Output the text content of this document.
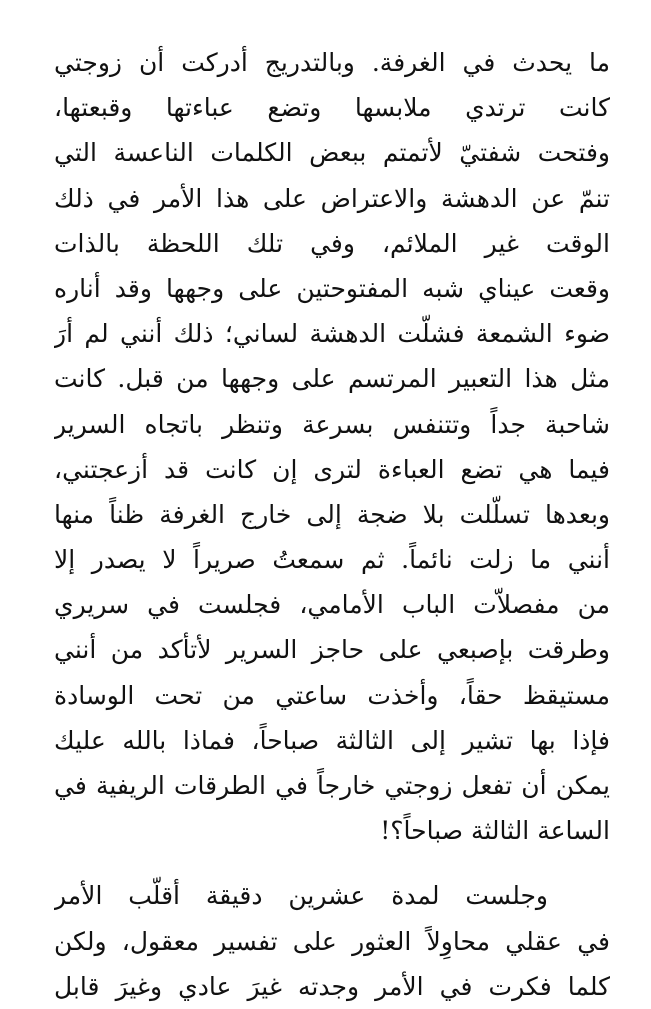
ما يحدث في الغرفة. وبالتدريج أدركت أن زوجتي
كانت ترتدي ملابسها وتضع عباءتها وقبعتها،
وفتحت شفتيّ لأتمتم ببعض الكلمات الناعسة التي
تنمّ عن الدهشة والاعتراض على هذا الأمر في ذلك
الوقت غير الملائم، وفي تلك اللحظة بالذات
وقعت عيناي شبه المفتوحتين على وجهها وقد أناره
ضوء الشمعة فشلّت الدهشة لساني؛ ذلك أنني لم أرَ
مثل هذا التعبير المرتسم على وجهها من قبل. كانت
شاحبة جداً وتتنفس بسرعة وتنظر باتجاه السرير
فيما هي تضع العباءة لترى إن كانت قد أزعجتني،
وبعدها تسلّلت بلا ضجة إلى خارج الغرفة ظناً منها
أنني ما زلت نائماً. ثم سمعتُ صريراً لا يصدر إلا
من مفصلاّت الباب الأمامي، فجلست في سريري
وطرقت بإصبعي على حاجز السرير لأتأكد من أنني
مستيقظ حقاً، وأخذت ساعتي من تحت الوسادة
فإذا بها تشير إلى الثالثة صباحاً، فماذا بالله عليك
يمكن أن تفعل زوجتي خارجاً في الطرقات الريفية في
الساعة الثالثة صباحاً؟!
وجلست لمدة عشرين دقيقة أقلّب الأمر
في عقلي محاوِلاً العثور على تفسير معقول، ولكن
كلما فكرت في الأمر وجدته غيرَ عادي وغيرَ قابل
